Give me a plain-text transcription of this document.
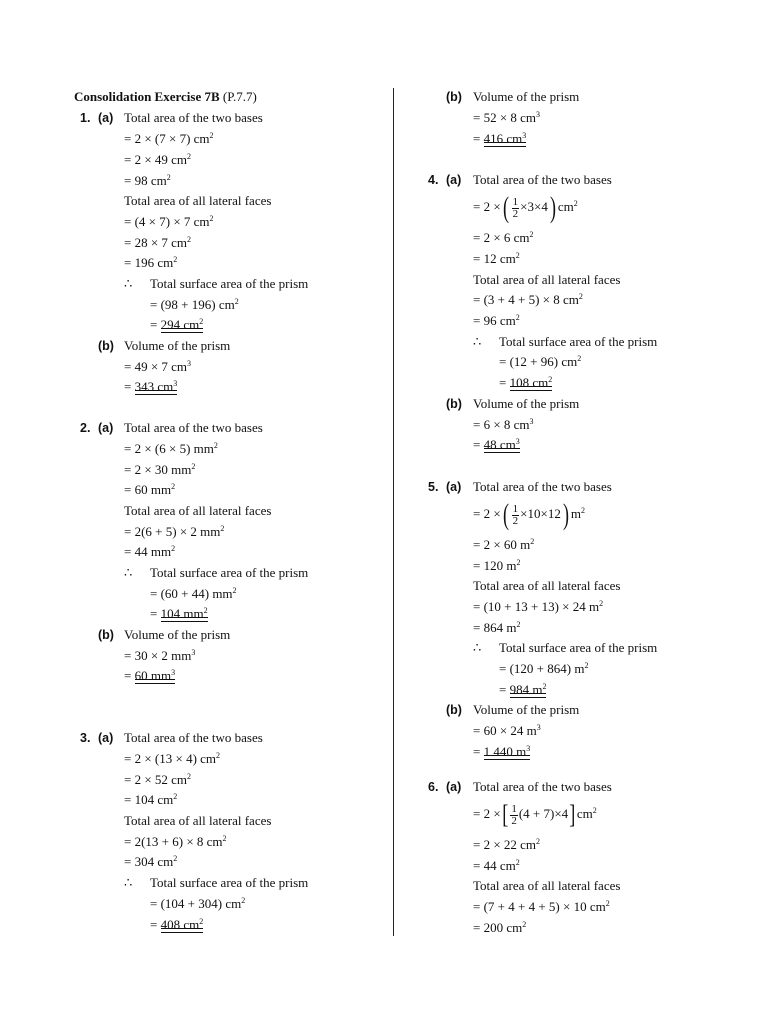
Consolidation Exercise 7B (P.7.7)
1. (a) Total area of the two bases
= 2 × (7 × 7) $cm^2$
= 2 × 49 $cm^2$
= 98 $cm^2$
Total area of all lateral faces
= (4 × 7) × 7 $cm^2$
= 28 × 7 $cm^2$
= 196 $cm^2$
∴ Total surface area of the prism
= (98 + 196) $cm^2$
= 294 $cm^2$
(b) Volume of the prism
= 49 × 7 $cm^3$
= 343 $cm^3$
2. (a) Total area of the two bases
= 2 × (6 × 5) $mm^2$
= 2 × 30 $mm^2$
= 60 $mm^2$
Total area of all lateral faces
= 2(6 + 5) × 2 $mm^2$
= 44 $mm^2$
∴ Total surface area of the prism
= (60 + 44) $mm^2$
= 104 $mm^2$
(b) Volume of the prism
= 30 × 2 $mm^3$
= 60 $mm^3$
3. (a) Total area of the two bases
= 2 × (13 × 4) $cm^2$
= 2 × 52 $cm^2$
= 104 $cm^2$
Total area of all lateral faces
= 2(13 + 6) × 8 $cm^2$
= 304 $cm^2$
∴ Total surface area of the prism
= (104 + 304) $cm^2$
= 408 $cm^2$
(b) Volume of the prism
= 52 × 8 $cm^3$
= 416 $cm^3$
4. (a) Total area of the two bases
= 2 ×( $\frac{1}{2} \times 3\times 4$) $cm^2$
= 2 × 6 $cm^2$
= 12 $cm^2$
Total area of all lateral faces
= (3 + 4 + 5) × 8 $cm^2$
= 96 $cm^2$
∴ Total surface area of the prism
= (12 + 96) $cm^2$
= 108 $cm^2$
(b) Volume of the prism
= 6 × 8 $cm^3$
= 48 $cm^3$
5. (a) Total area of the two bases
= 2 ×( $\frac{1}{2} \times 10\times 12$) $m^2$
= 2 × 60 $m^2$
= 120 $m^2$
Total area of all lateral faces
= (10 + 13 + 13) × 24 $m^2$
= 864 $m^2$
∴ Total surface area of the prism
= (120 + 864) $m^2$
= 984 $m^2$
(b) Volume of the prism
= 60 × 24 $m^3$
= 1 440 $m^3$
6. (a) Total area of the two bases
= 2 ×[ $\frac{1}{2} (4 + 7)\times 4]cm^2$
= 2 × 22 $cm^2$
= 44 $cm^2$
Total area of all lateral faces
= (7 + 4 + 4 + 5) × 10 $cm^2$
= 200 $cm^2$
